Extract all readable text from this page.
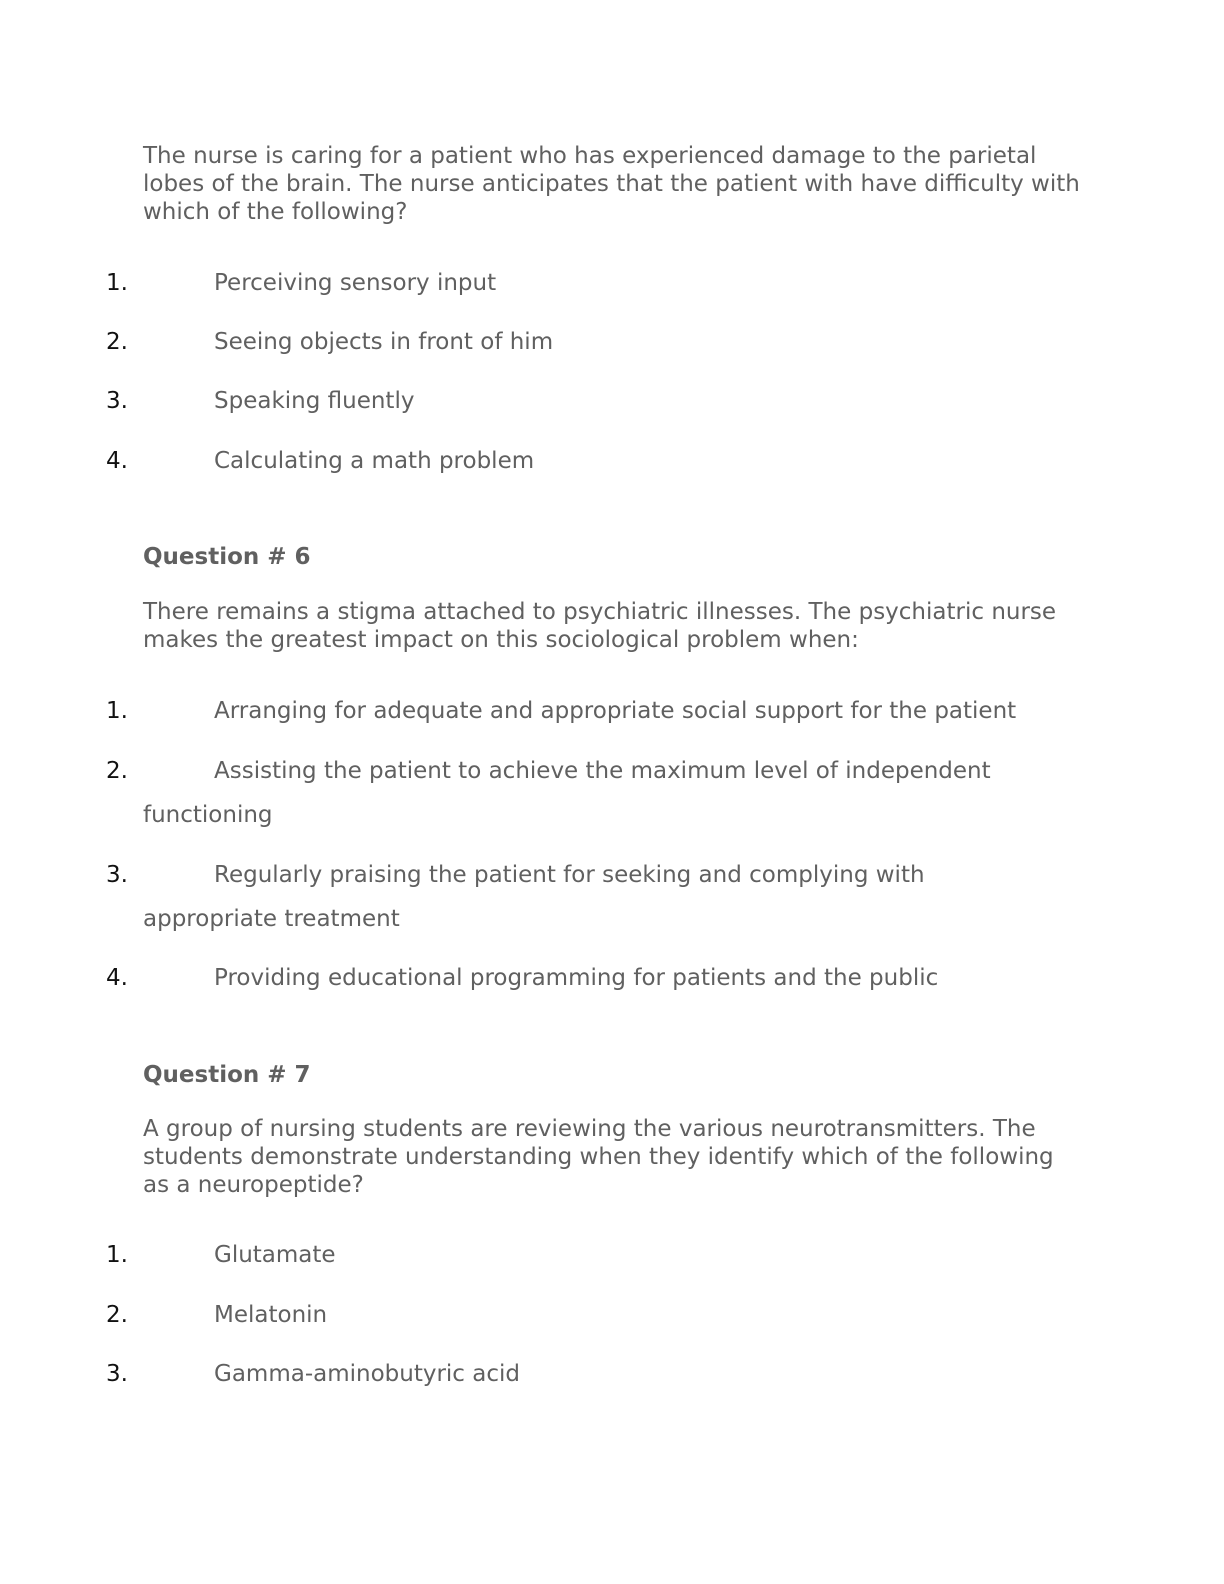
The nurse is caring for a patient who has experienced damage to the parietal lobes of the brain. The nurse anticipates that the patient with have difficulty with which of the following?

1.	Perceiving sensory input
2.	Seeing objects in front of him
3.	Speaking fluently
4.	Calculating a math problem

Question # 6

There remains a stigma attached to psychiatric illnesses. The psychiatric nurse makes the greatest impact on this sociological problem when:

1.	Arranging for adequate and appropriate social support for the patient
2.	Assisting the patient to achieve the maximum level of independent
functioning
3.	Regularly praising the patient for seeking and complying with
appropriate treatment
4.	Providing educational programming for patients and the public

Question # 7

A group of nursing students are reviewing the various neurotransmitters. The students demonstrate understanding when they identify which of the following as a neuropeptide?

1.	Glutamate
2.	Melatonin
3.	Gamma-aminobutyric acid
